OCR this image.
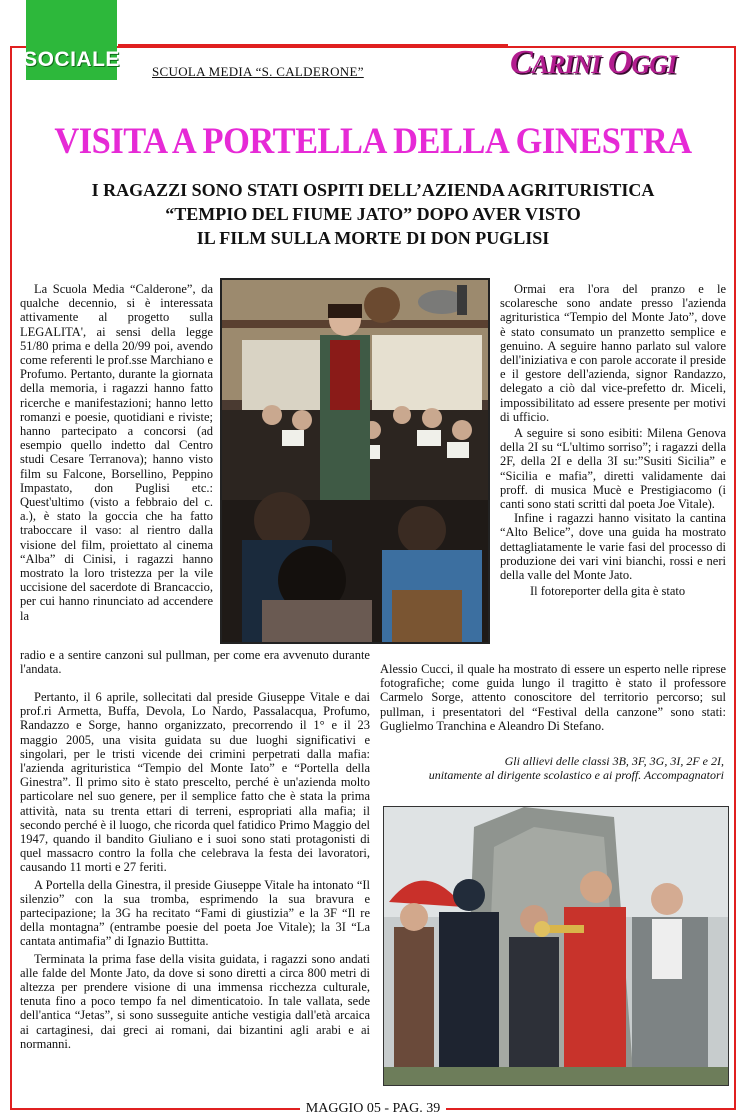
SOCIALE
SCUOLA MEDIA “S. CALDERONE”	CARINI OGGI
VISITA A PORTELLA DELLA GINESTRA
I RAGAZZI SONO STATI OSPITI DELL’AZIENDA AGRITURISTICA
“TEMPIO DEL FIUME JATO” DOPO AVER VISTO
IL FILM SULLA MORTE DI DON PUGLISI

La Scuola Media “Calderone”, da qualche decennio, si è interessata attivamente al progetto sulla LEGALITA', ai sensi della legge 51/80 prima e della 20/99 poi, avendo come referenti le prof.sse Marchiano e Profumo. Pertanto, durante la giornata della memoria, i ragazzi hanno fatto ricerche e manifestazioni; hanno letto romanzi e poesie, quotidiani e riviste; hanno partecipato a concorsi (ad esempio quello indetto dal Centro studi Cesare Terranova); hanno visto film su Falcone, Borsellino, Peppino Impastato, don Puglisi etc.: Quest'ultimo (visto a febbraio del c. a.), è stato la goccia che ha fatto traboccare il vaso: al rientro dalla visione del film, proiettato al cinema “Alba” di Cinisi, i ragazzi hanno mostrato la loro tristezza per la vile uccisione del sacerdote di Brancaccio, per cui hanno rinunciato ad accendere la

radio e a sentire canzoni sul pullman, per come era avvenuto durante l'andata.

Pertanto, il 6 aprile, sollecitati dal preside Giuseppe Vitale e dai prof.ri Armetta, Buffa, Devola, Lo Nardo, Passalacqua, Profumo, Randazzo e Sorge, hanno organizzato, precorrendo il 1° e il 23 maggio 2005, una visita guidata su due luoghi significativi e singolari, per le tristi vicende dei crimini perpetrati dalla mafia: l'azienda agrituristica “Tempio del Monte Iato” e “Portella della Ginestra”. Il primo sito è stato prescelto, perché è un'azienda molto particolare nel suo genere, per il semplice fatto che è stata la prima attività, nata su trenta ettari di terreni, espropriati alla mafia; il secondo perché è il luogo, che ricorda quel fatidico Primo Maggio del 1947, quando il bandito Giuliano e i suoi sono stati protagonisti di quel massacro contro la folla che celebrava la festa dei lavoratori, causando 11 morti e 27 feriti.

A Portella della Ginestra, il preside Giuseppe Vitale ha intonato “Il silenzio” con la sua tromba, esprimendo la sua bravura e partecipazione; la 3G ha recitato “Fami di giustizia” e la 3F “Il re della montagna” (entrambe poesie del poeta Joe Vitale); la 3I “La cantata antimafia” di Ignazio Buttitta.

Terminata la prima fase della visita guidata, i ragazzi sono andati alle falde del Monte Jato, da dove si sono diretti a circa 800 metri di altezza per prendere visione di una immensa ricchezza culturale, tenuta fino a poco tempo fa nel dimenticatoio. In tale vallata, sede dell'antica “Jetas”, si sono susseguite antiche vestigia dall'età arcaica ai cartaginesi, dai greci ai romani, dai bizantini agli arabi e ai normanni.

Ormai era l'ora del pranzo e le scolaresche sono andate presso l'azienda agrituristica “Tempio del Monte Jato”, dove è stato consumato un pranzetto semplice e genuino. A seguire hanno parlato sul valore dell'iniziativa e con parole accorate il preside e il gestore dell'azienda, signor Randazzo, delegato a ciò dal vice-prefetto dr. Miceli, impossibilitato ad essere presente per motivi di ufficio.

A seguire si sono esibiti: Milena Genova della 2I su “L'ultimo sorriso”; i ragazzi della 2F, della 2I e della 3I su:”Susiti Sicilia” e “Sicilia e mafia”, diretti validamente dai proff. di musica Mucè e Prestigiacomo (i canti sono stati scritti dal poeta Joe Vitale).

Infine i ragazzi hanno visitato la cantina “Alto Belice”, dove una guida ha mostrato dettagliatamente le varie fasi del processo di produzione dei vari vini bianchi, rossi e neri della valle del Monte Jato.

Il fotoreporter della gita è stato

Alessio Cucci, il quale ha mostrato di essere un esperto nelle riprese fotografiche; come guida lungo il tragitto è stato il professore Carmelo Sorge, attento conoscitore del territorio percorso; sul pullman, i presentatori del “Festival della canzone” sono stati: Guglielmo Tranchina e Aleandro Di Stefano.

Gli allievi delle classi 3B, 3F, 3G, 3I, 2F e 2I,
unitamente al dirigente scolastico e ai proff. Accompagnatori
MAGGIO 05 - PAG. 39
